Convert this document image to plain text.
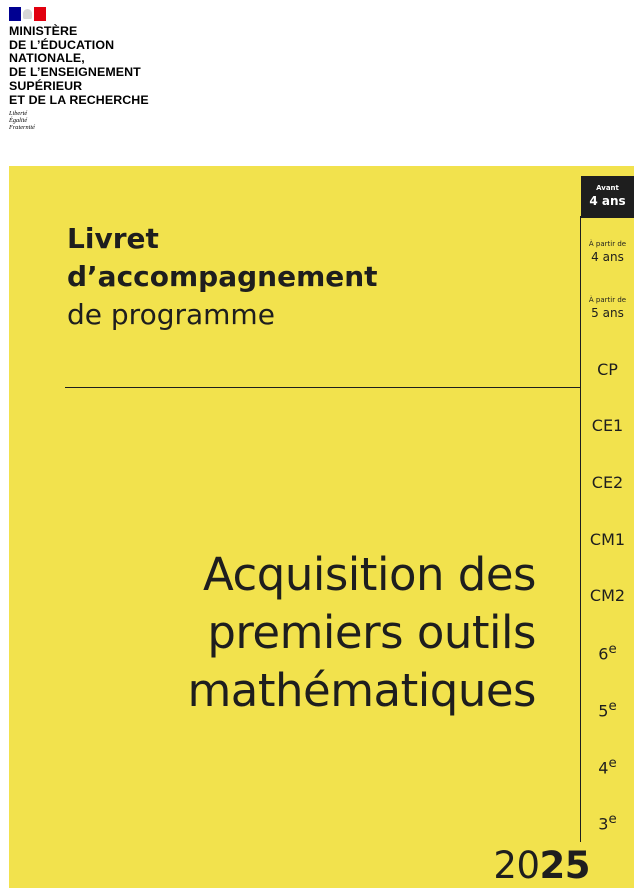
MINISTÈRE
DE L’ÉDUCATION
NATIONALE,
DE L’ENSEIGNEMENT
SUPÉRIEUR
ET DE LA RECHERCHE
Liberté
Égalité
Fraternité
Livret
d’accompagnement
de programme
Acquisition des
premiers outils
mathématiques

2025

Avant
4 ans
À partir de
4 ans
À partir de
5 ans
CP
CE1
CE2
CM1
CM2
6e
5e
4e
3e
